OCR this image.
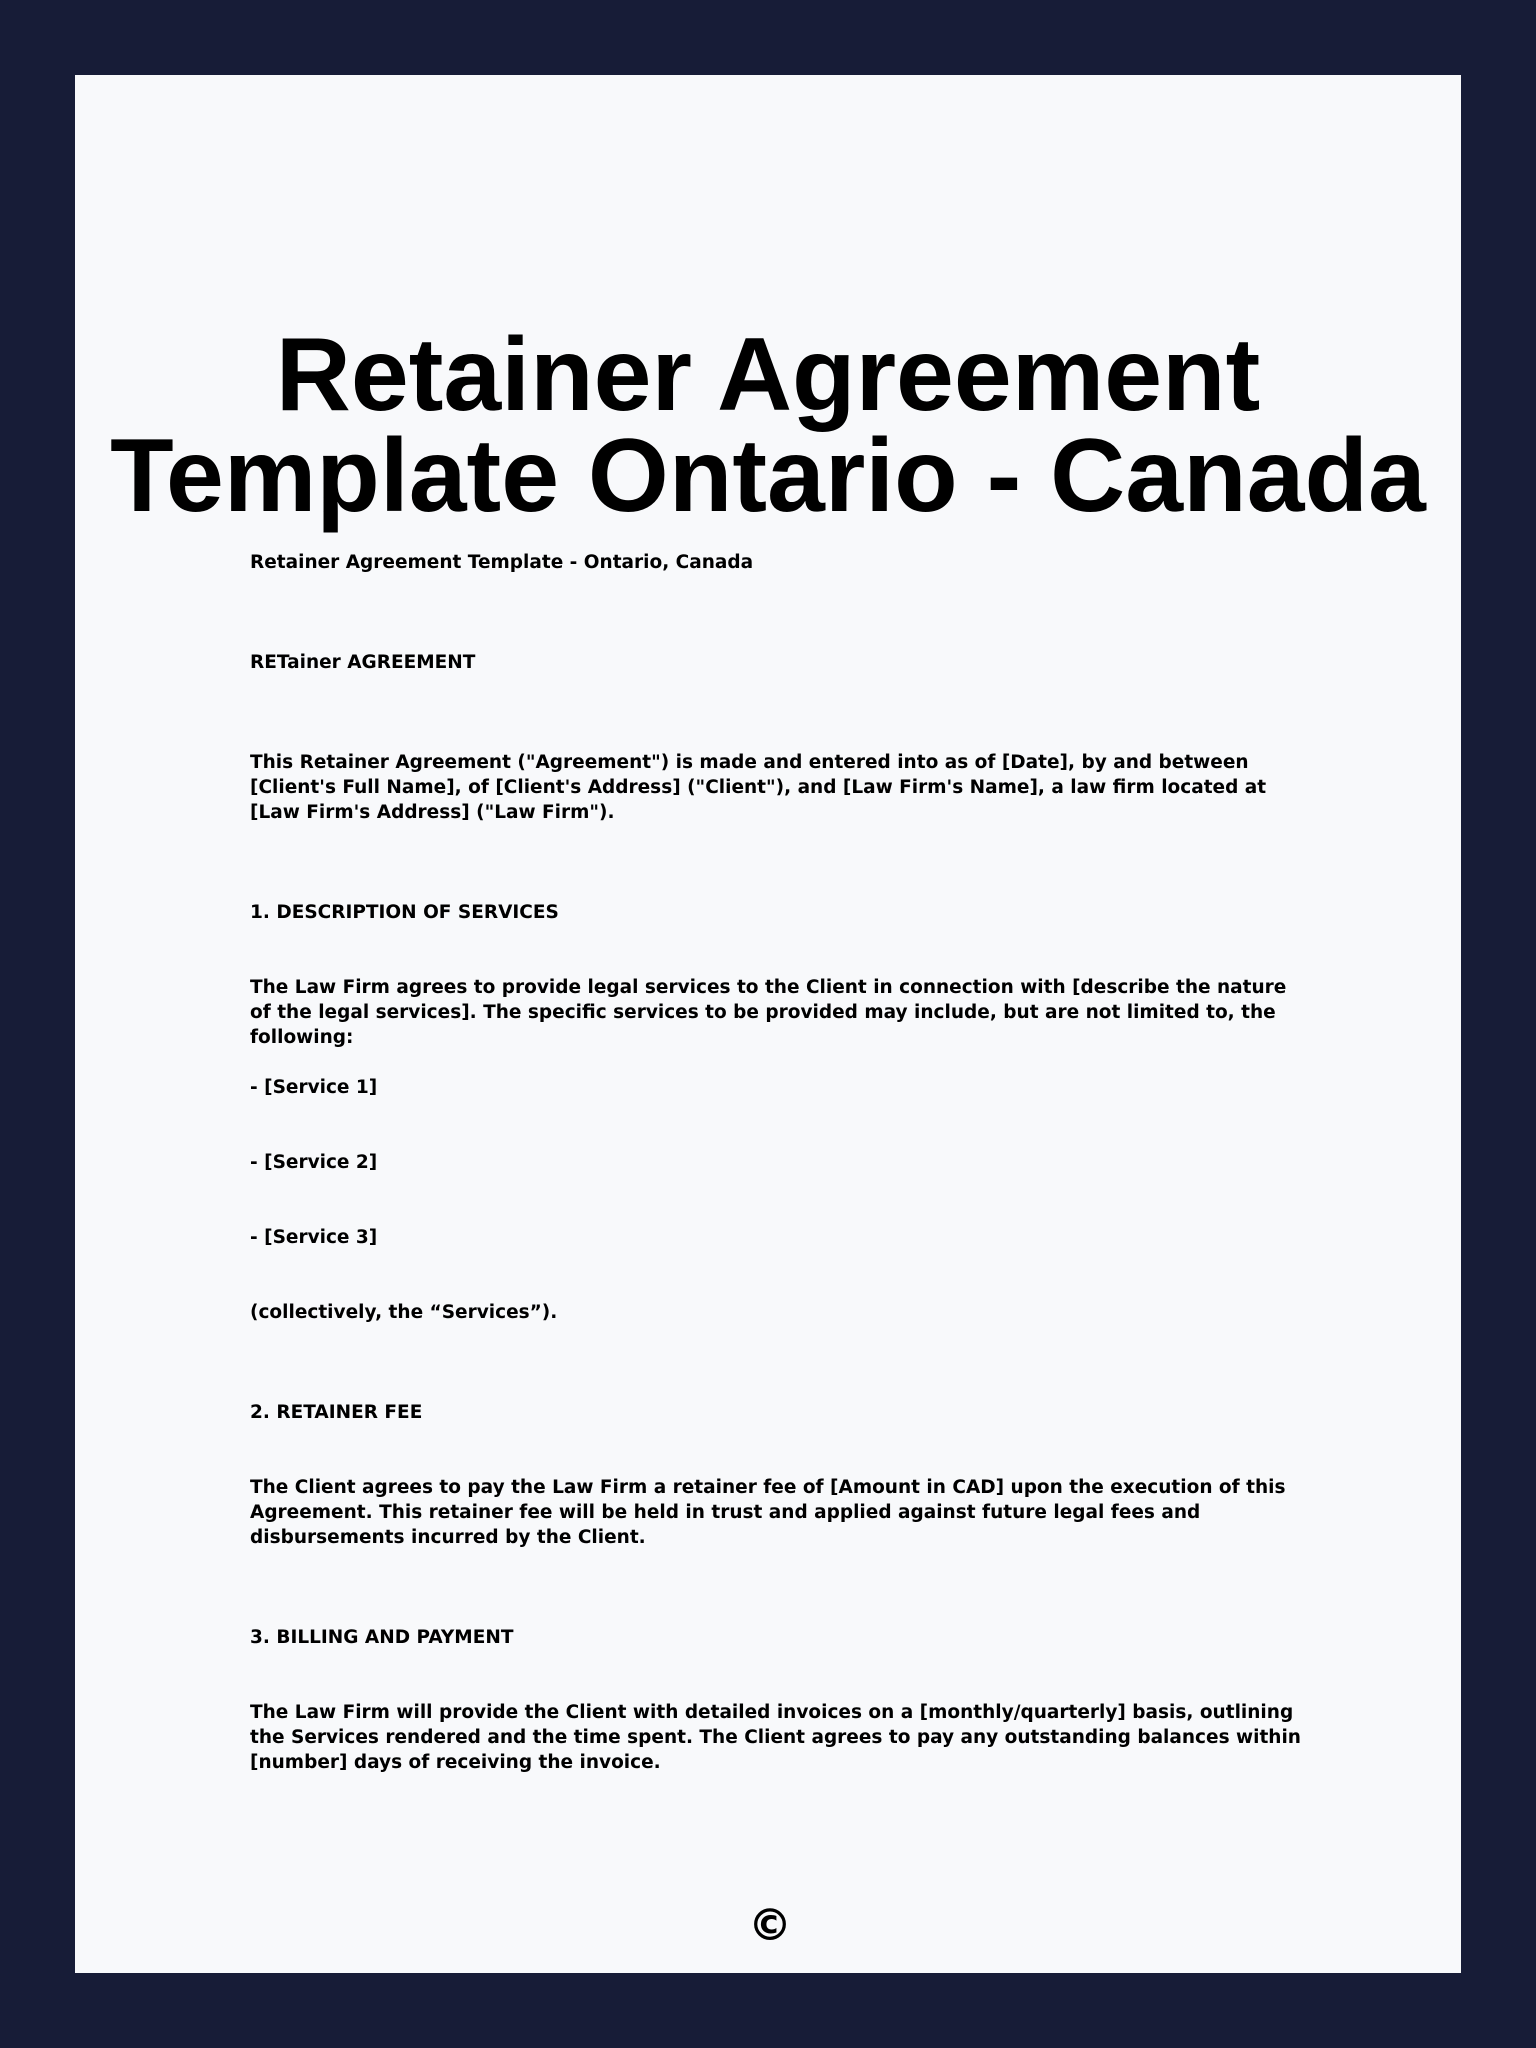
Retainer Agreement
Template Ontario - Canada

Retainer Agreement Template - Ontario, Canada

RETainer AGREEMENT

This Retainer Agreement ("Agreement") is made and entered into as of [Date], by and between [Client's Full Name], of [Client's Address] ("Client"), and [Law Firm's Name], a law firm located at [Law Firm's Address] ("Law Firm").

1. DESCRIPTION OF SERVICES

The Law Firm agrees to provide legal services to the Client in connection with [describe the nature of the legal services]. The specific services to be provided may include, but are not limited to, the following:

- [Service 1]

- [Service 2]

- [Service 3]

(collectively, the “Services”).

2. RETAINER FEE

The Client agrees to pay the Law Firm a retainer fee of [Amount in CAD] upon the execution of this Agreement. This retainer fee will be held in trust and applied against future legal fees and disbursements incurred by the Client.

3. BILLING AND PAYMENT

The Law Firm will provide the Client with detailed invoices on a [monthly/quarterly] basis, outlining the Services rendered and the time spent. The Client agrees to pay any outstanding balances within [number] days of receiving the invoice.

©
